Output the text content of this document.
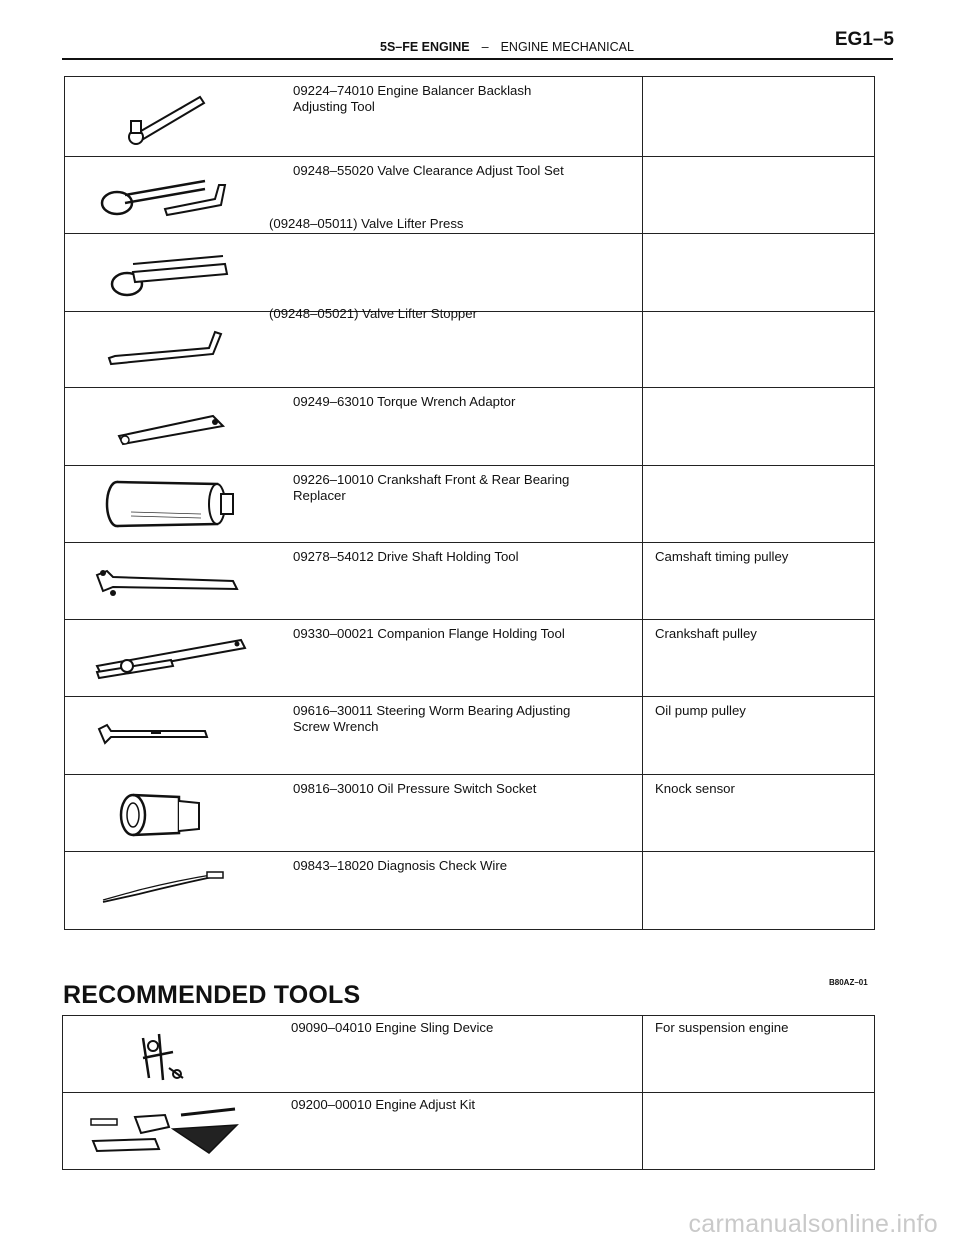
5S–FE ENGINE – ENGINE MECHANICAL	EG1–5
09224–74010 Engine Balancer Backlash
Adjusting Tool	

09248–55020 Valve Clearance Adjust Tool Set
(09248–05011) Valve Lifter Press	

(09248–05021) Valve Lifter Stopper	

09249–63010 Torque Wrench Adaptor	

09226–10010 Crankshaft Front & Rear Bearing
Replacer	

09278–54012 Drive Shaft Holding Tool	Camshaft timing pulley

09330–00021 Companion Flange Holding Tool	Crankshaft pulley

09616–30011 Steering Worm Bearing Adjusting
Screw Wrench	Oil pump pulley

09816–30010 Oil Pressure Switch Socket	Knock sensor

09843–18020 Diagnosis Check Wire	

B80AZ–01
RECOMMENDED TOOLS
09090–04010 Engine Sling Device	For suspension engine

09200–00010 Engine Adjust Kit	

carmanualsonline.info
